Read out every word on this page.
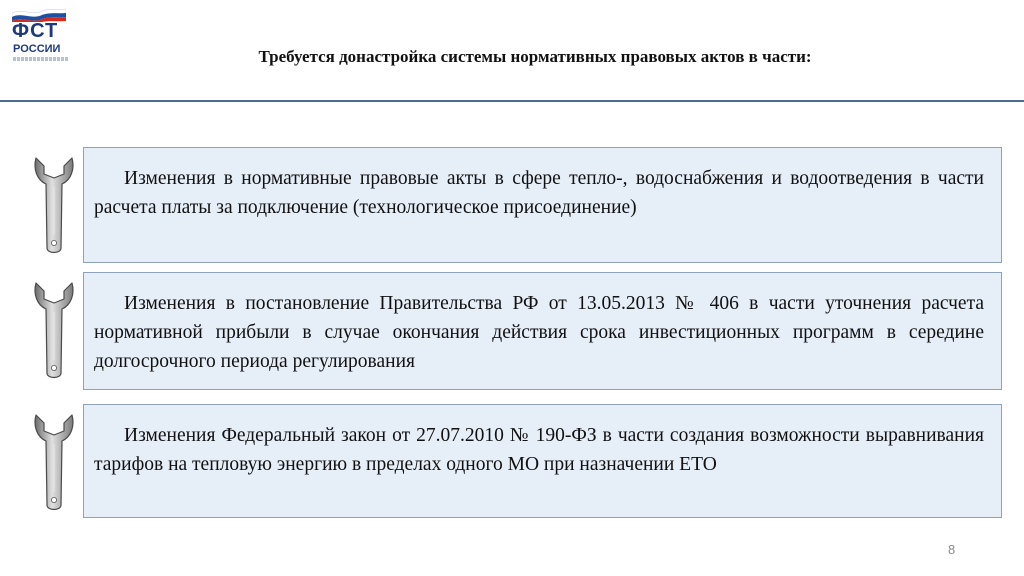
ФСТ
РОССИИ	Требуется донастройка системы нормативных правовых актов в части:

Изменения в нормативные правовые акты в сфере тепло-, водоснабжения и водоотведения в части расчета платы за подключение (технологическое присоединение)

Изменения в постановление Правительства РФ от 13.05.2013 № 406 в части уточнения расчета нормативной прибыли в случае окончания действия срока инвестиционных программ в середине долгосрочного периода регулирования

Изменения Федеральный закон от 27.07.2010 № 190-ФЗ в части создания возможности выравнивания тарифов на тепловую энергию в пределах одного МО при назначении ЕТО

8
